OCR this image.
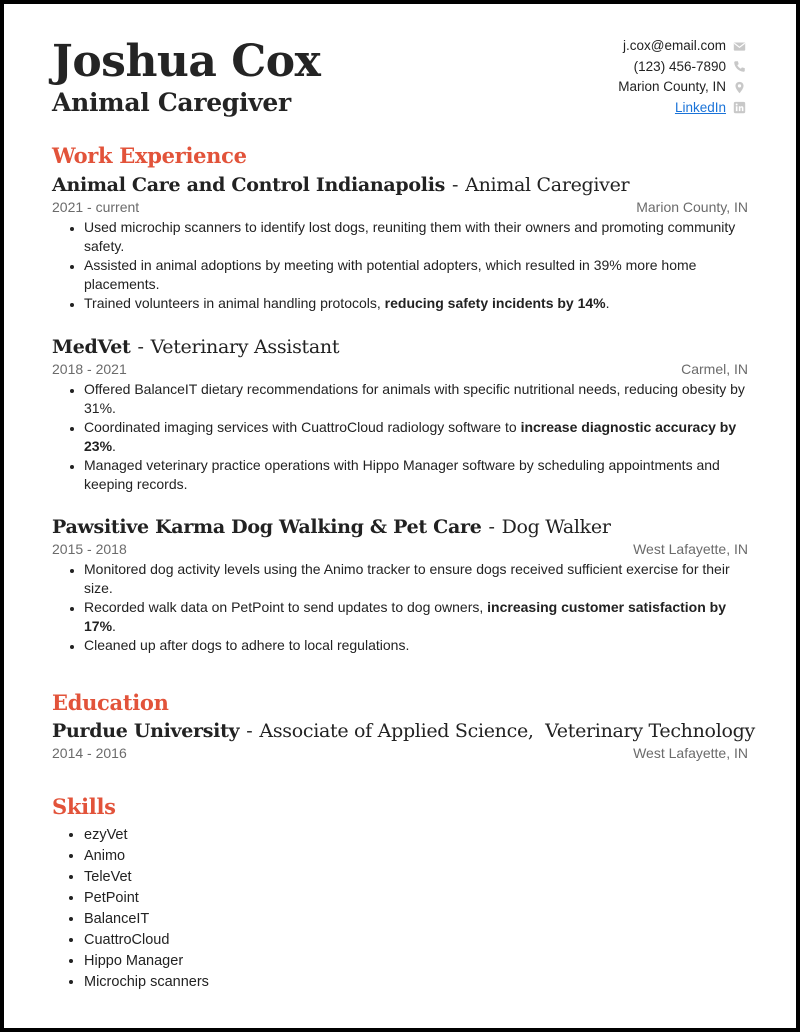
Joshua Cox
Animal Caregiver
j.cox@email.com
(123) 456-7890
Marion County, IN
LinkedIn
Work Experience
Animal Care and Control Indianapolis - Animal Caregiver
2021 - current	Marion County, IN
• Used microchip scanners to identify lost dogs, reuniting them with their owners and promoting community safety.
• Assisted in animal adoptions by meeting with potential adopters, which resulted in 39% more home placements.
• Trained volunteers in animal handling protocols, reducing safety incidents by 14%.
MedVet - Veterinary Assistant
2018 - 2021	Carmel, IN
• Offered BalanceIT dietary recommendations for animals with specific nutritional needs, reducing obesity by 31%.
• Coordinated imaging services with CuattroCloud radiology software to increase diagnostic accuracy by 23%.
• Managed veterinary practice operations with Hippo Manager software by scheduling appointments and keeping records.
Pawsitive Karma Dog Walking & Pet Care - Dog Walker
2015 - 2018	West Lafayette, IN
• Monitored dog activity levels using the Animo tracker to ensure dogs received sufficient exercise for their size.
• Recorded walk data on PetPoint to send updates to dog owners, increasing customer satisfaction by 17%.
• Cleaned up after dogs to adhere to local regulations.
Education
Purdue University - Associate of Applied Science,  Veterinary Technology
2014 - 2016	West Lafayette, IN
Skills
• ezyVet
• Animo
• TeleVet
• PetPoint
• BalanceIT
• CuattroCloud
• Hippo Manager
• Microchip scanners
